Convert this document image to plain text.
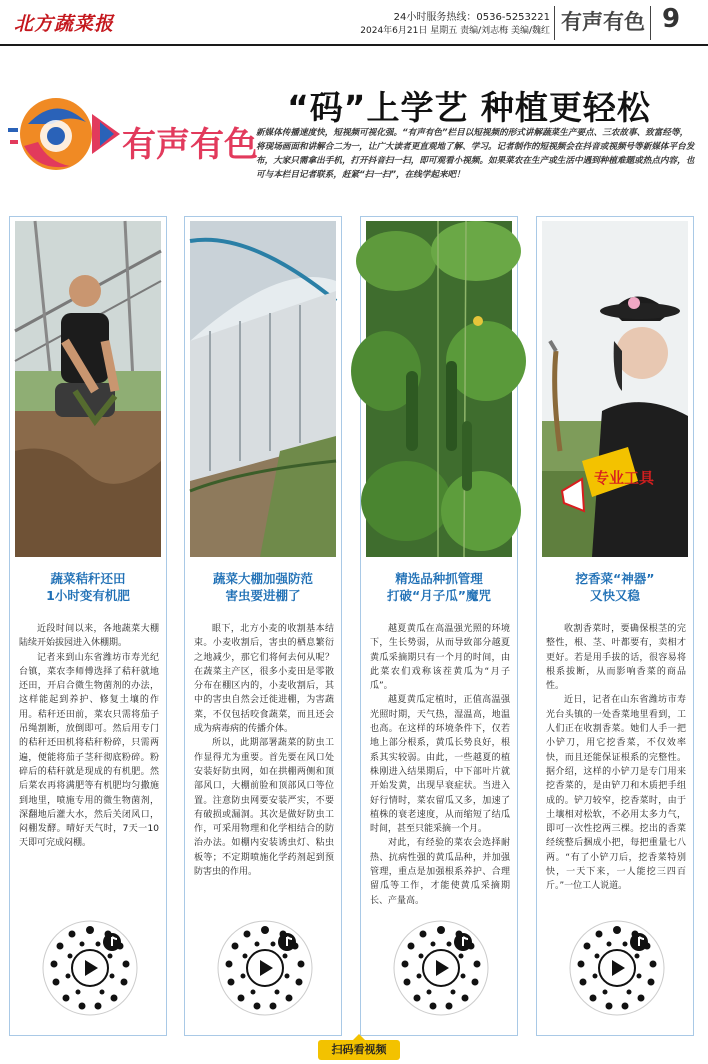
北方蔬菜报	24小时服务热线：0536-5253221
2024年6月21日 星期五 责编/刘志梅 美编/魏红 有声有色 9
有声有色
“码”上学艺 种植更轻松
新媒体传播速度快，短视频可视化强。“有声有色”栏目以短视频的形式讲解蔬菜生产要点、三农故事、致富经等，将现场画面和讲解合二为一，让广大读者更直观地了解、学习。记者制作的短视频会在抖音或视频号等新媒体平台发布，大家只需拿出手机，打开抖音扫一扫，即可观看小视频。如果菜农在生产或生活中遇到种植难题或热点内容，也可与本栏目记者联系，赶紧“扫一扫”，在线学起来吧！
蔬菜秸秆还田
1小时变有机肥

近段时间以来，各地蔬菜大棚陆续开始拔园进入休棚期。

记者来到山东省潍坊市寿光纪台镇，菜农李师傅选择了秸秆就地还田，开启合微生物菌剂的办法，这样能起到养护、修复土壤的作用。秸秆还田前，菜农只需将茄子吊绳割断，放倒即可。然后用专门的秸秆还田机将秸秆粉碎，只需两遍，便能将茄子茎秆彻底粉碎。粉碎后的秸秆就是现成的有机肥。然后菜农再将满肥等有机肥均匀撒施到地里，喷施专用的微生物菌剂，深翻地后灌大水，然后关闭风口，闷棚发酵。晴好天气时，7天一10天即可完成闷棚。

蔬菜大棚加强防范
害虫要进棚了

眼下，北方小麦的收割基本结束。小麦收割后，害虫的栖息繁衍之地减少，那它们将何去何从呢？在蔬菜主产区，很多小麦田是零散分布在棚区内的，小麦收割后，其中的害虫自然会迁徙进棚，为害蔬菜，不仅包括咬食蔬菜，而且还会成为病毒病的传播介体。

所以，此期部署蔬菜的防虫工作显得尤为重要。首先要在风口处安装好防虫网，如在拱棚两侧和顶部风口，大棚前脸和顶部风口等位置。注意防虫网要安装严实，不要有破损或漏洞。其次是做好防虫工作，可采用物理和化学相结合的防治办法。如棚内安装诱虫灯、粘虫板等；不定期喷施化学药剂起到预防害虫的作用。

精选品种抓管理
打破“月子瓜”魔咒

越夏黄瓜在高温强光照的环境下，生长势弱，从而导致部分越夏黄瓜采摘期只有一个月的时间，由此菜农们戏称该茬黄瓜为“月子瓜”。

越夏黄瓜定植时，正值高温强光照时期，天气热，湿温高，地温也高。在这样的环境条件下，仅若地上部分根系，黄瓜长势良好，根系其实较弱。由此，一些越夏的植株刚进入结果期后，中下部叶片就开始发黄，出现早衰症状。当进入好行情时，菜农留瓜又多，加速了植株的衰老速度，从而缩短了结瓜时间，甚至只能采摘一个月。

对此，有经验的菜农会选择耐热、抗病性强的黄瓜品种，并加强管理，重点是加强根系养护、合理留瓜等工作，才能使黄瓜采摘期长、产量高。

专业工具
挖香菜“神器”
又快又稳

收割香菜时，要确保根茎的完整性，根、茎、叶都要有，卖相才更好。若是用手拔的话，很容易将根系拔断，从而影响香菜的商品性。

近日，记者在山东省潍坊市寿光台头镇的一处香菜地里看到，工人们正在收割香菜。她们人手一把小铲刀，用它挖香菜，不仅效率快，而且还能保证根系的完整性。据介绍，这样的小铲刀是专门用来挖香菜的，是由铲刀和木质把手组成的。铲刀较窄，挖香菜时，由于土壤相对松软，不必用太多力气，即可一次性挖两三棵。挖出的香菜经统整后捆成小把，每把重量七八两。“有了小铲刀后，挖香菜特别快，一天下来，一人能挖三四百斤。”一位工人说道。

扫码看视频
